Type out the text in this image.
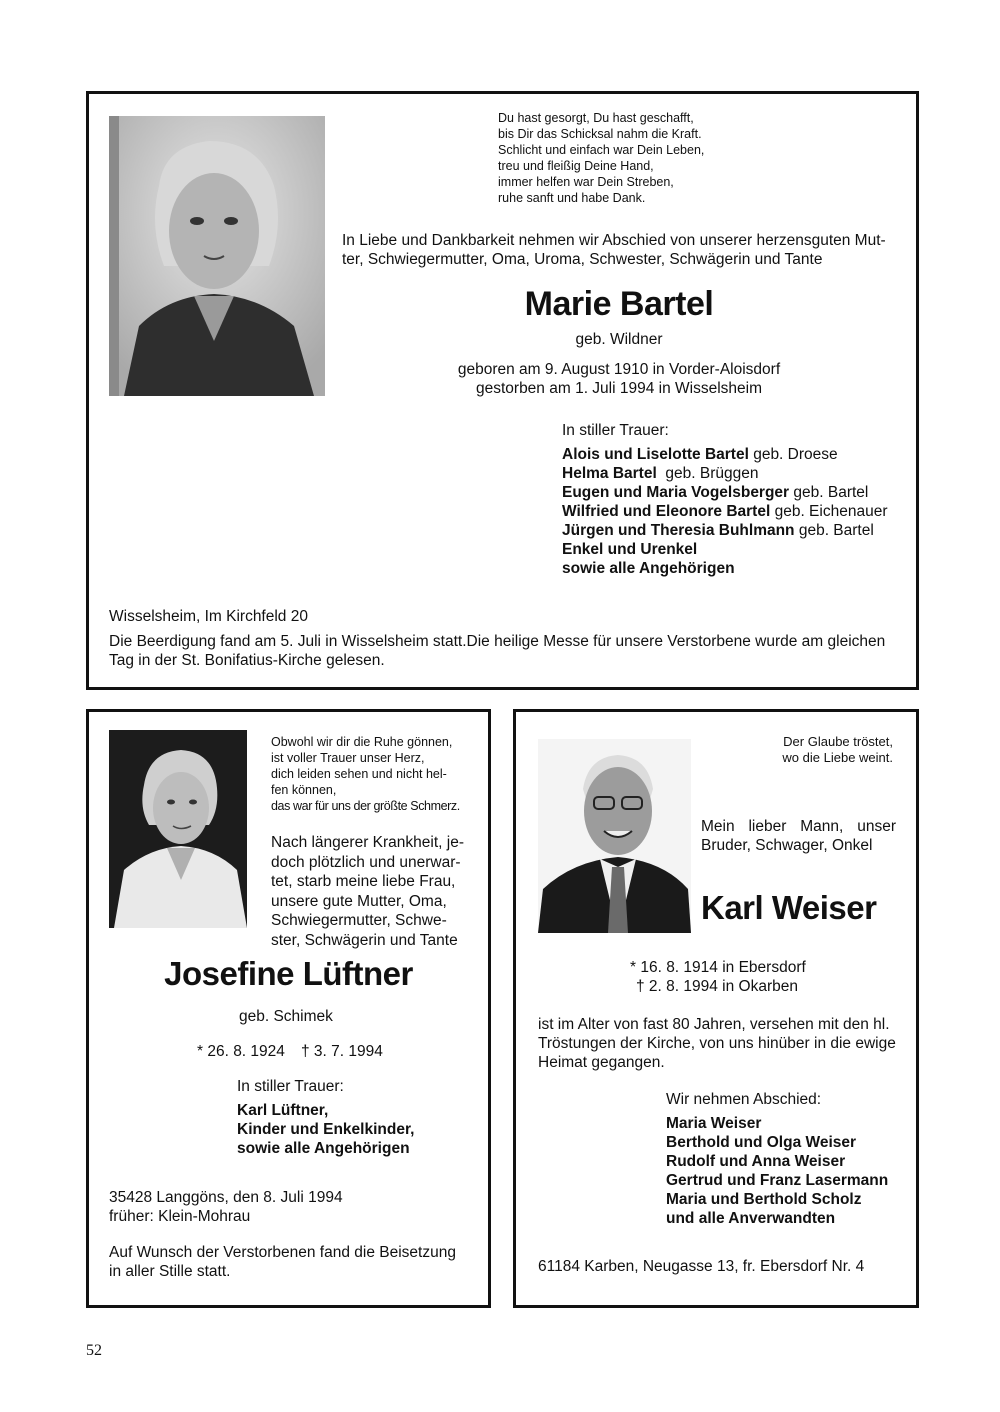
Du hast gesorgt, Du hast geschafft,
bis Dir das Schicksal nahm die Kraft.
Schlicht und einfach war Dein Leben,
treu und fleißig Deine Hand,
immer helfen war Dein Streben,
ruhe sanft und habe Dank.
In Liebe und Dankbarkeit nehmen wir Abschied von unserer herzensguten Mut-
ter, Schwiegermutter, Oma, Uroma, Schwester, Schwägerin und Tante
Marie Bartel
geb. Wildner
geboren am 9. August 1910 in Vorder-Aloisdorf
gestorben am 1. Juli 1994 in Wisselsheim
In stiller Trauer:
Alois und Liselotte Bartel geb. Droese
Helma Bartel  geb. Brüggen
Eugen und Maria Vogelsberger geb. Bartel
Wilfried und Eleonore Bartel geb. Eichenauer
Jürgen und Theresia Buhlmann geb. Bartel
Enkel und Urenkel
sowie alle Angehörigen
Wisselsheim, Im Kirchfeld 20
Die Beerdigung fand am 5. Juli in Wisselsheim statt.Die heilige Messe für unsere Verstorbene wurde am gleichen
Tag in der St. Bonifatius-Kirche gelesen.
Obwohl wir dir die Ruhe gönnen,
ist voller Trauer unser Herz,
dich leiden sehen und nicht hel-
fen können,
das war für uns der größte Schmerz.
Nach längerer Krankheit, je-
doch plötzlich und unerwar-
tet, starb meine liebe Frau,
unsere gute Mutter, Oma,
Schwiegermutter, Schwe-
ster, Schwägerin und Tante
Josefine Lüftner
geb. Schimek
* 26. 8. 1924 † 3. 7. 1994
In stiller Trauer:
Karl Lüftner,
Kinder und Enkelkinder,
sowie alle Angehörigen
35428 Langgöns, den 8. Juli 1994
früher: Klein-Mohrau
Auf Wunsch der Verstorbenen fand die Beisetzung
in aller Stille statt.
Der Glaube tröstet,
wo die Liebe weint.
Mein lieber Mann, unser
Bruder, Schwager, Onkel
Karl Weiser
* 16. 8. 1914 in Ebersdorf
† 2. 8. 1994 in Okarben
ist im Alter von fast 80 Jahren, versehen mit den hl.
Tröstungen der Kirche, von uns hinüber in die ewige
Heimat gegangen.
Wir nehmen Abschied:
Maria Weiser
Berthold und Olga Weiser
Rudolf und Anna Weiser
Gertrud und Franz Lasermann
Maria und Berthold Scholz
und alle Anverwandten
61184 Karben, Neugasse 13, fr. Ebersdorf Nr. 4
52
